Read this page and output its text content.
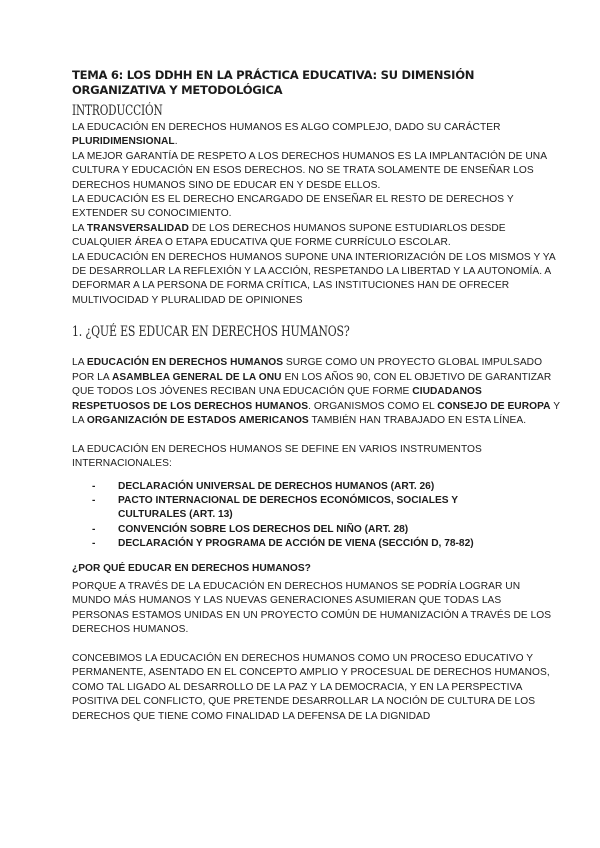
TEMA 6: LOS DDHH EN LA PRÁCTICA EDUCATIVA: SU DIMENSIÓN ORGANIZATIVA Y METODOLÓGICA
INTRODUCCIÓN

LA EDUCACIÓN EN DERECHOS HUMANOS ES ALGO COMPLEJO, DADO SU CARÁCTER PLURIDIMENSIONAL.

LA MEJOR GARANTÍA DE RESPETO A LOS DERECHOS HUMANOS ES LA IMPLANTACIÓN DE UNA CULTURA Y EDUCACIÓN EN ESOS DERECHOS. NO SE TRATA SOLAMENTE DE ENSEÑAR LOS DERECHOS HUMANOS SINO DE EDUCAR EN Y DESDE ELLOS.

LA EDUCACIÓN ES EL DERECHO ENCARGADO DE ENSEÑAR EL RESTO DE DERECHOS Y EXTENDER SU CONOCIMIENTO.

LA TRANSVERSALIDAD DE LOS DERECHOS HUMANOS SUPONE ESTUDIARLOS DESDE CUALQUIER ÁREA O ETAPA EDUCATIVA QUE FORME CURRÍCULO ESCOLAR.

LA EDUCACIÓN EN DERECHOS HUMANOS SUPONE UNA INTERIORIZACIÓN DE LOS MISMOS Y YA DE DESARROLLAR LA REFLEXIÓN Y LA ACCIÓN, RESPETANDO LA LIBERTAD Y LA AUTONOMÍA. A DEFORMAR A LA PERSONA DE FORMA CRÍTICA, LAS INSTITUCIONES HAN DE OFRECER MULTIVOCIDAD Y PLURALIDAD DE OPINIONES

1. ¿QUÉ ES EDUCAR EN DERECHOS HUMANOS?

LA EDUCACIÓN EN DERECHOS HUMANOS SURGE COMO UN PROYECTO GLOBAL IMPULSADO POR LA ASAMBLEA GENERAL DE LA ONU EN LOS AÑOS 90, CON EL OBJETIVO DE GARANTIZAR QUE TODOS LOS JÓVENES RECIBAN UNA EDUCACIÓN QUE FORME CIUDADANOS RESPETUOSOS DE LOS DERECHOS HUMANOS. ORGANISMOS COMO EL CONSEJO DE EUROPA Y LA ORGANIZACIÓN DE ESTADOS AMERICANOS TAMBIÉN HAN TRABAJADO EN ESTA LÍNEA.

LA EDUCACIÓN EN DERECHOS HUMANOS SE DEFINE EN VARIOS INSTRUMENTOS INTERNACIONALES:

- DECLARACIÓN UNIVERSAL DE DERECHOS HUMANOS (ART. 26)
- PACTO INTERNACIONAL DE DERECHOS ECONÓMICOS, SOCIALES Y CULTURALES (ART. 13)
- CONVENCIÓN SOBRE LOS DERECHOS DEL NIÑO (ART. 28)
- DECLARACIÓN Y PROGRAMA DE ACCIÓN DE VIENA (SECCIÓN D, 78-82)
¿POR QUÉ EDUCAR EN DERECHOS HUMANOS?

PORQUE A TRAVÉS DE LA EDUCACIÓN EN DERECHOS HUMANOS SE PODRÍA LOGRAR UN MUNDO MÁS HUMANOS Y LAS NUEVAS GENERACIONES ASUMIERAN QUE TODAS LAS PERSONAS ESTAMOS UNIDAS EN UN PROYECTO COMÚN DE HUMANIZACIÓN A TRAVÉS DE LOS DERECHOS HUMANOS.

CONCEBIMOS LA EDUCACIÓN EN DERECHOS HUMANOS COMO UN PROCESO EDUCATIVO Y PERMANENTE, ASENTADO EN EL CONCEPTO AMPLIO Y PROCESUAL DE DERECHOS HUMANOS, COMO TAL LIGADO AL DESARROLLO DE LA PAZ Y LA DEMOCRACIA, Y EN LA PERSPECTIVA POSITIVA DEL CONFLICTO, QUE PRETENDE DESARROLLAR LA NOCIÓN DE CULTURA DE LOS DERECHOS QUE TIENE COMO FINALIDAD LA DEFENSA DE LA DIGNIDAD
